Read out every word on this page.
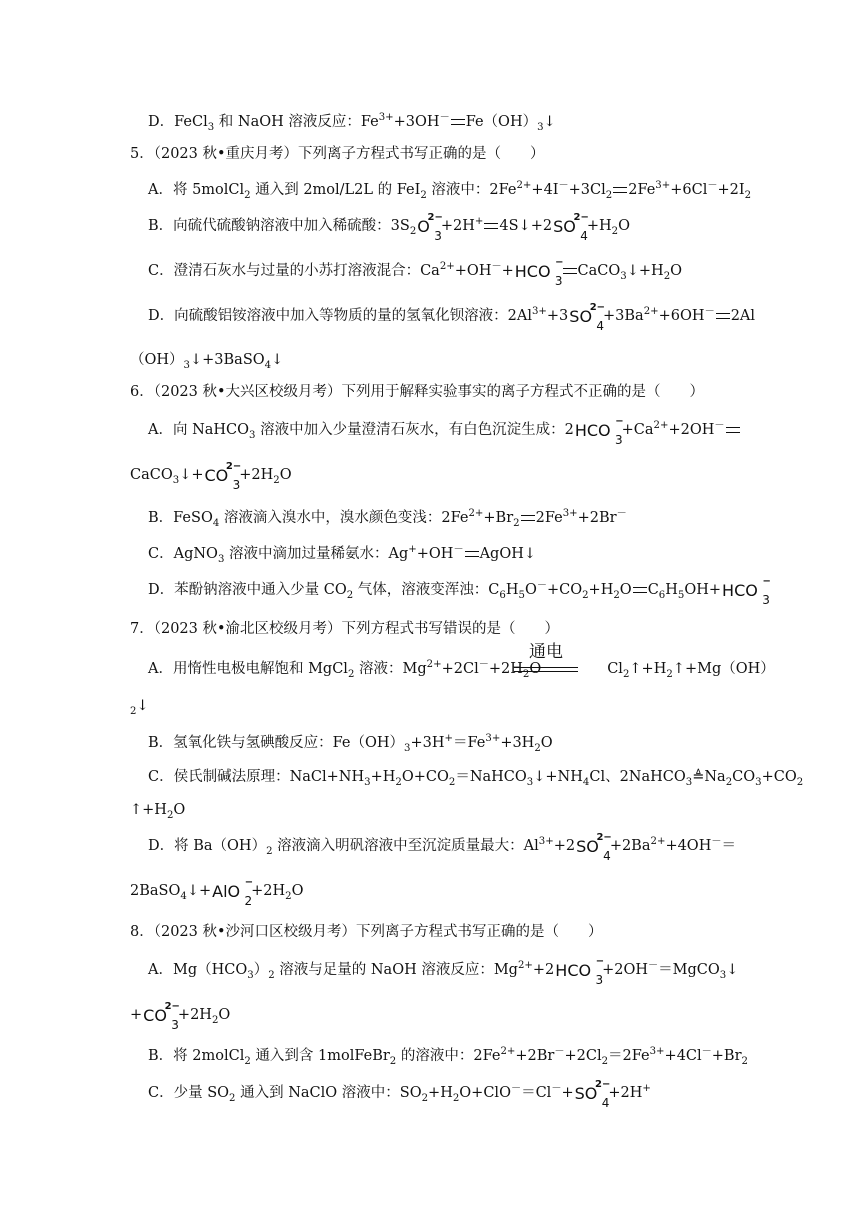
D．FeCl$_3$ 和 NaOH 溶液反应：$Fe^{3+}+3OH^-$ $Fe(OH)_3↓$
5．（2023 秋•重庆月考）下列离子方程式书写正确的是（　　）
A．将 5molCl$_2$ 通入到 2mol/L2L 的 FeI$_2$ 溶液中：$2Fe^{2+}+4I^-+3Cl_2$ $2Fe^{3+}+6Cl^-+2I_2$
B．向硫代硫酸钠溶液中加入稀硫酸：$3S_2O$ 3
2−
+2H+ 4S↓+2SO 4
2−
$+H_2O$
C．澄清石灰水与过量的小苏打溶液混合：$Ca^{2+}+OH^-+HCO$ 3
−
$CaCO_3↓+H_2O$
D．向硫酸铝铵溶液中加入等物质的量的氢氧化钡溶液：$2Al^{3+}+3SO$ 4
2−
$+3Ba^{2+}+6OH^-$ 2Al
$(OH)_3↓+3BaSO_4↓$
6．（2023 秋•大兴区校级月考）下列用于解释实验事实的离子方程式不正确的是（　　）
A．向 NaHCO$_3$ 溶液中加入少量澄清石灰水，有白色沉淀生成：2HCO 3
−
$+Ca^{2+}+2OH^-$
CaCO$_3$↓+CO 3
2−
$+2H_2O$
B．FeSO$_4$ 溶液滴入溴水中，溴水颜色变浅：$2Fe^{2+}+Br_2$ $2Fe^{3+}+2Br^-$
C．AgNO$_3$ 溶液中滴加过量稀氨水：Ag++OH－ AgOH↓
D．苯酚钠溶液中通入少量 $CO_2$ 气体，溶液变浑浊：$C_6H_5O^-+CO_2+H_2O$ $C_6H_5OH+HCO$ 3
−
7．（2023 秋•渝北区校级月考）下列方程式书写错误的是（　　）
A．用惰性电极电解饱和 MgCl$_2$ 溶液：$Mg^{2+}+2Cl^-+2H_2O$	$Cl_2↑+H_2↑+Mg(OH)$
通电
$_2$↓
B．氢氧化铁与氢碘酸反应：$Fe(OH)_3+3H^+=Fe^{3+}+3H_2O$
C．侯氏制碱法原理：$NaCl+NH_3+H_2O+CO_2=NaHCO_3↓+NH_4Cl$、$2NaHCO_3≜Na_2CO_3+CO_2$
$↑+H_2O$
D．将 $Ba(OH)_2$ 溶液滴入明矾溶液中至沉淀质量最大：$Al^{3+}+2SO$ 4
2−
$+2Ba^{2+}+4OH^-=$
2BaSO$_4$↓+AlO 2
−
$+2H_2O$
8．（2023 秋•沙河口区校级月考）下列离子方程式书写正确的是（　　）
A．$Mg(HCO_3)_2$ 溶液与足量的 NaOH 溶液反应：$Mg^{2+}+2HCO$ 3
−
+2OH－＝MgCO$_3$↓
+CO 3
2−
$+2H_2O$
B．将 2molCl$_2$ 通入到含 1molFeBr$_2$ 的溶液中：$2Fe^{2+}+2Br^-+2Cl_2=2Fe^{3+}+4Cl^-+Br_2$
C．少量 $SO_2$ 通入到 NaClO 溶液中：$SO_2+H_2O+ClO^-=Cl^-+SO$ 4
2−
+2H+
